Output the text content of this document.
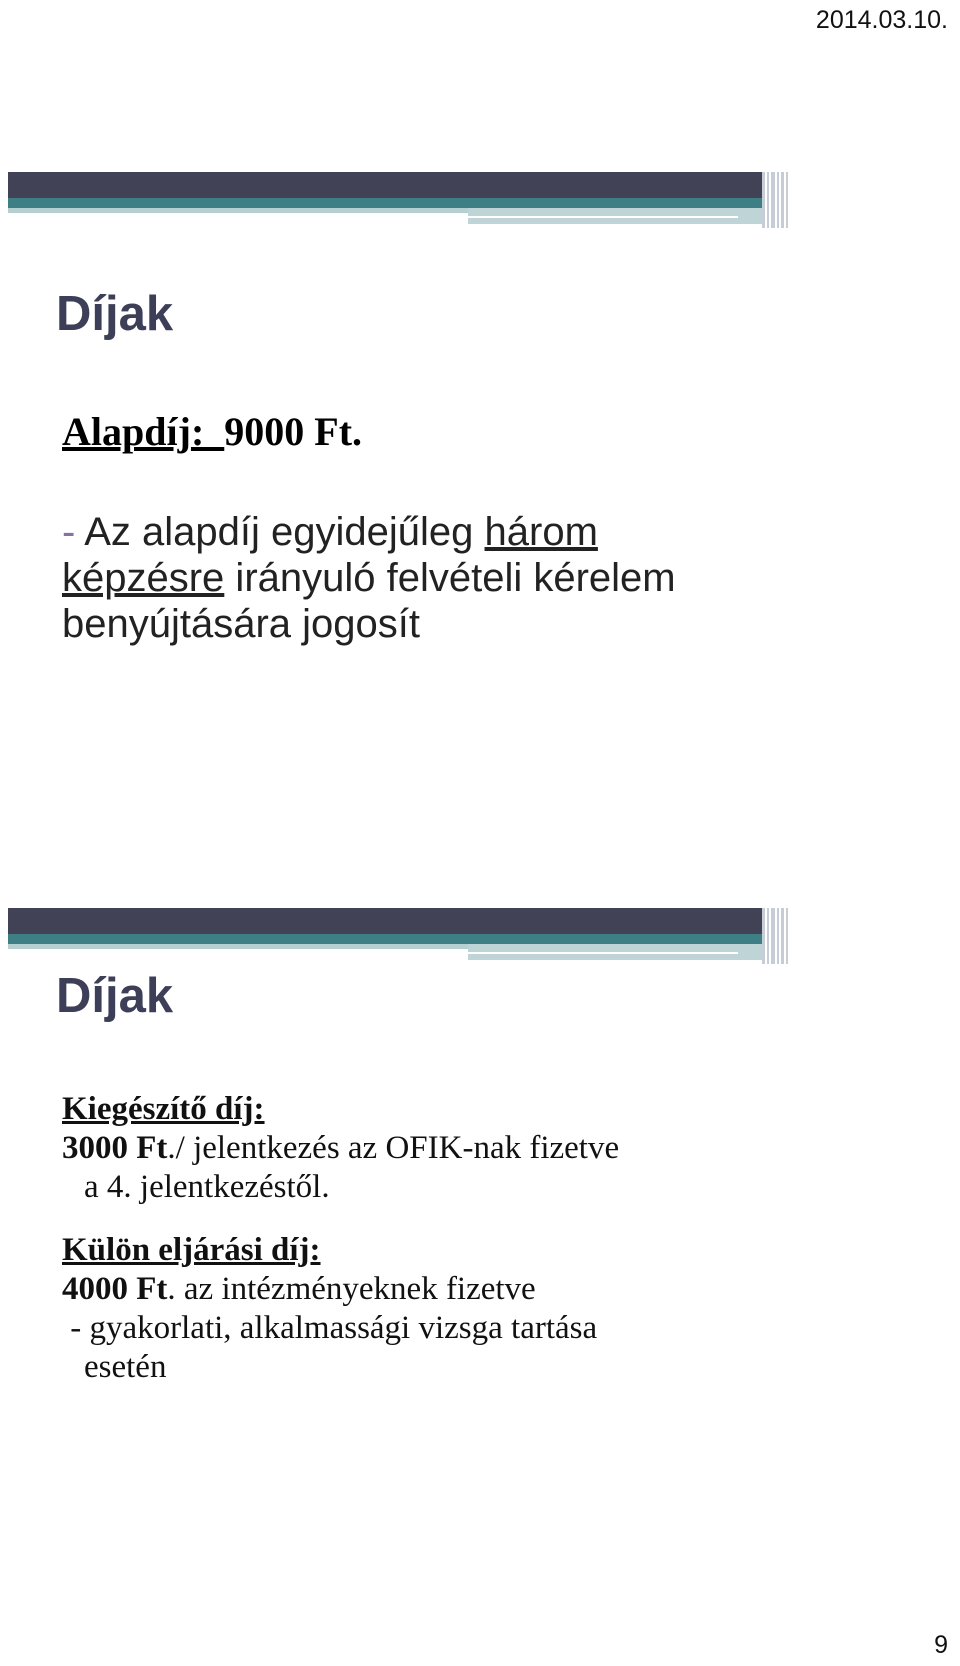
2014.03.10.
Díjak
Alapdíj:  9000 Ft.
- Az alapdíj egyidejűleg három képzésre irányuló felvételi kérelem benyújtására jogosít
Díjak
Kiegészítő díj:
3000 Ft./ jelentkezés az OFIK-nak fizetve
a 4. jelentkezéstől.
Külön eljárási díj:
4000 Ft. az intézményeknek fizetve
- gyakorlati, alkalmassági vizsga tartása
esetén
9
